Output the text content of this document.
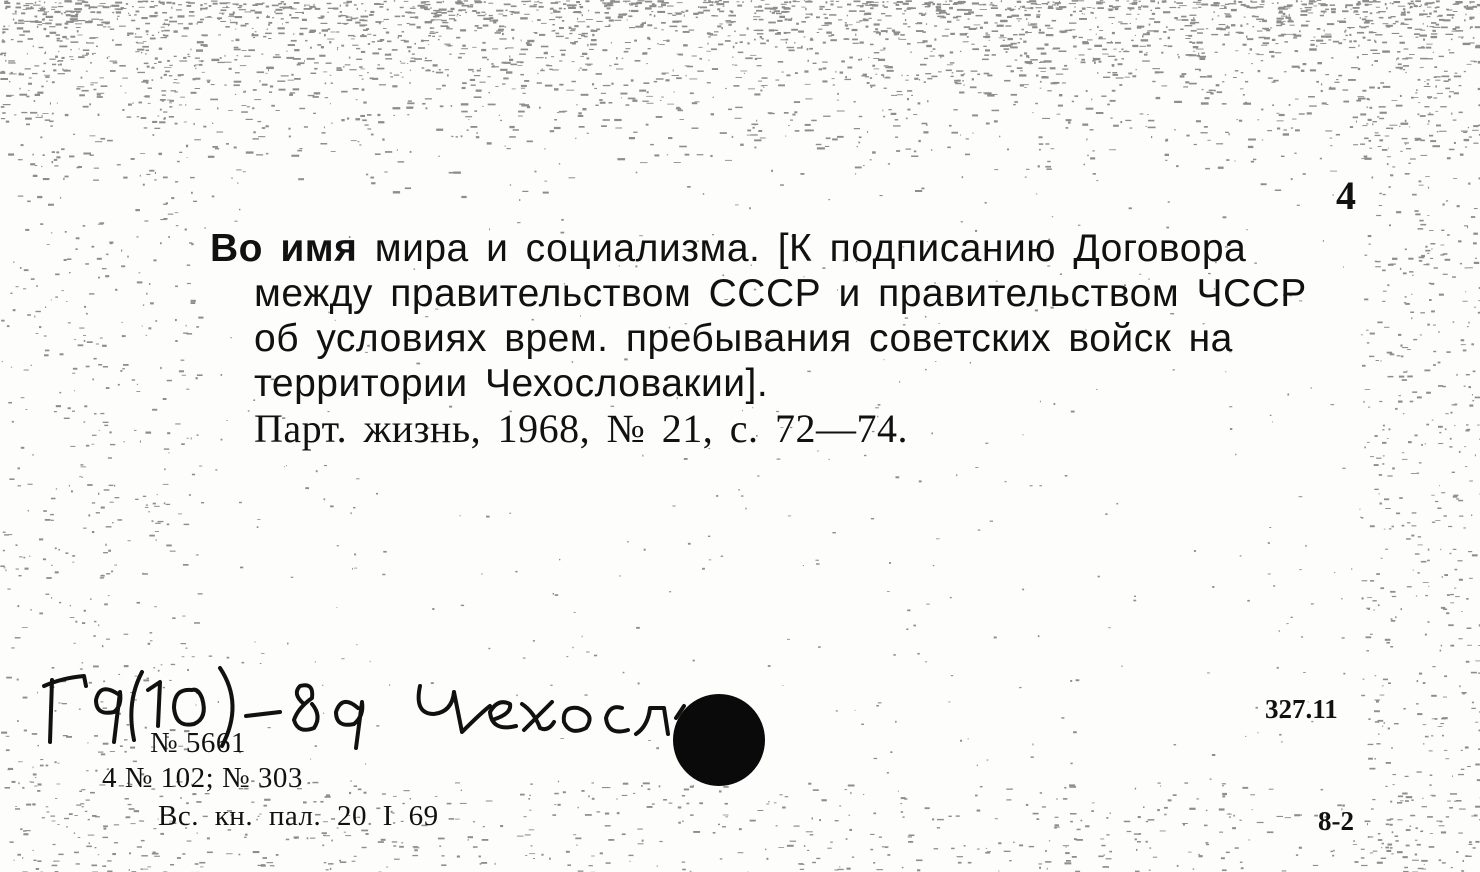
4
Во имя мира и социализма. [К подписанию Договора
между правительством СССР и правительством ЧССР
об условиях врем. пребывания советских войск на
территории Чехословакии].
Парт. жизнь, 1968, № 21, с. 72—74.
№ 5661
4 № 102; № 303
Вс. кн. пал. 20 I 69
327.11
8-2
